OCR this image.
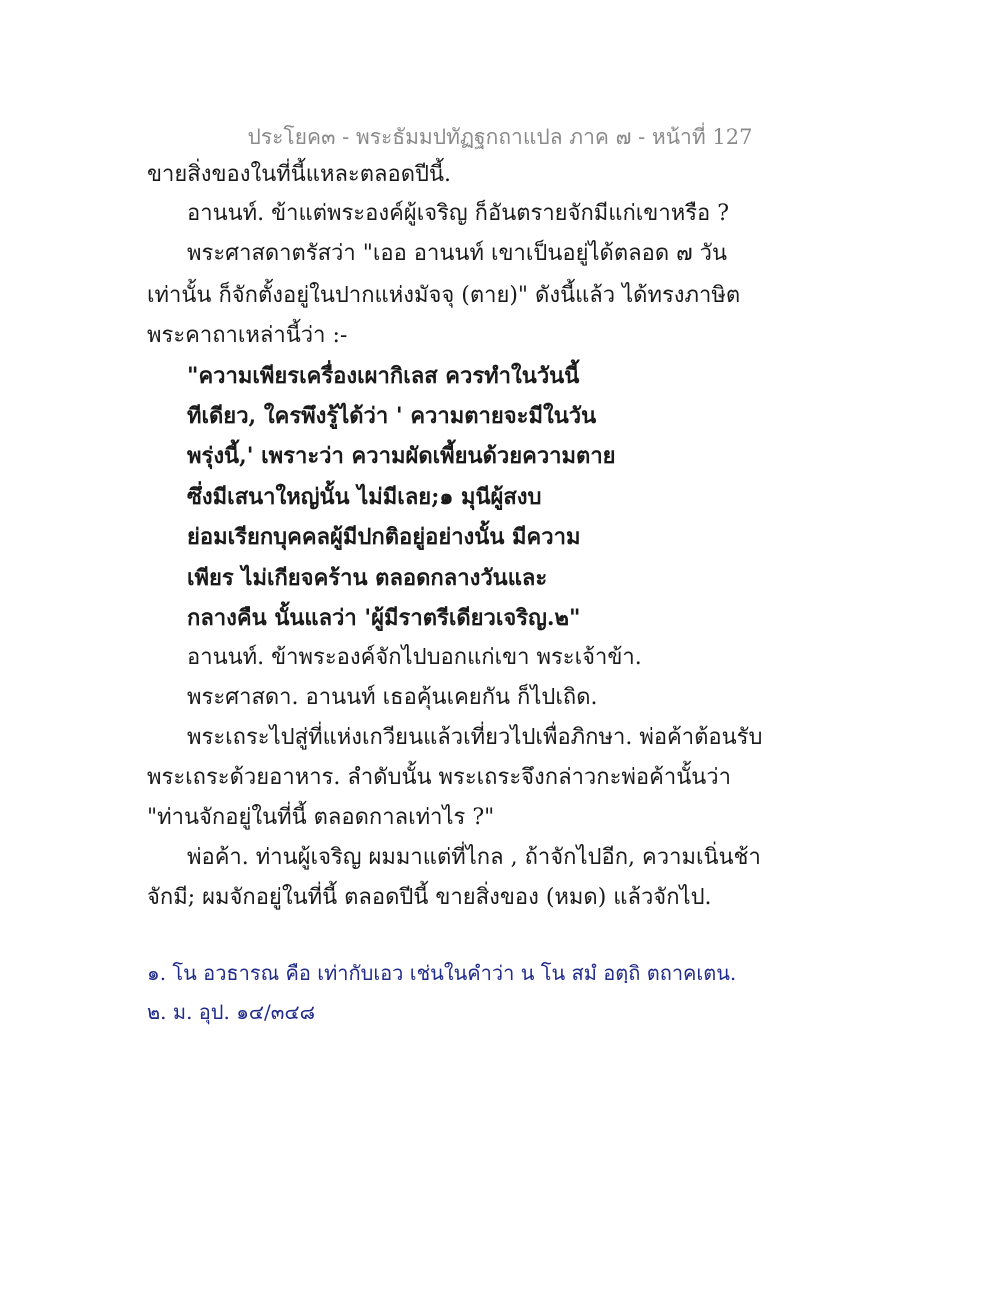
ประโยค๓ - พระธัมมปทัฏฐกถาแปล ภาค ๗ - หน้าที่ 127
ขายสิ่งของในที่นี้แหละตลอดปีนี้.
อานนท์. ข้าแต่พระองค์ผู้เจริญ ก็อันตรายจักมีแก่เขาหรือ ?
พระศาสดาตรัสว่า "เออ อานนท์ เขาเป็นอยู่ได้ตลอด ๗ วัน
เท่านั้น ก็จักตั้งอยู่ในปากแห่งมัจจุ (ตาย)" ดังนี้แล้ว ได้ทรงภาษิต
พระคาถาเหล่านี้ว่า :-
"ความเพียรเครื่องเผากิเลส ควรทำในวันนี้
ทีเดียว, ใครพึงรู้ได้ว่า ' ความตายจะมีในวัน
พรุ่งนี้,' เพราะว่า ความผัดเพี้ยนด้วยความตาย
ซึ่งมีเสนาใหญ่นั้น ไม่มีเลย;๑ มุนีผู้สงบ
ย่อมเรียกบุคคลผู้มีปกติอยู่อย่างนั้น มีความ
เพียร ไม่เกียจคร้าน ตลอดกลางวันและ
กลางคืน นั้นแลว่า 'ผู้มีราตรีเดียวเจริญ.๒"
อานนท์. ข้าพระองค์จักไปบอกแก่เขา พระเจ้าข้า.
พระศาสดา. อานนท์ เธอคุ้นเคยกัน ก็ไปเถิด.
พระเถระไปสู่ที่แห่งเกวียนแล้วเที่ยวไปเพื่อภิกษา. พ่อค้าต้อนรับ
พระเถระด้วยอาหาร. ลำดับนั้น พระเถระจึงกล่าวกะพ่อค้านั้นว่า
"ท่านจักอยู่ในที่นี้ ตลอดกาลเท่าไร ?"
พ่อค้า. ท่านผู้เจริญ ผมมาแต่ที่ไกล , ถ้าจักไปอีก, ความเนิ่นช้า
จักมี; ผมจักอยู่ในที่นี้ ตลอดปีนี้ ขายสิ่งของ (หมด) แล้วจักไป.
๑. โน อวธารณ คือ เท่ากับเอว เช่นในคำว่า น โน สมํ อตฺถิ ตถาคเตน.
๒. ม. อุป. ๑๔/๓๔๘
